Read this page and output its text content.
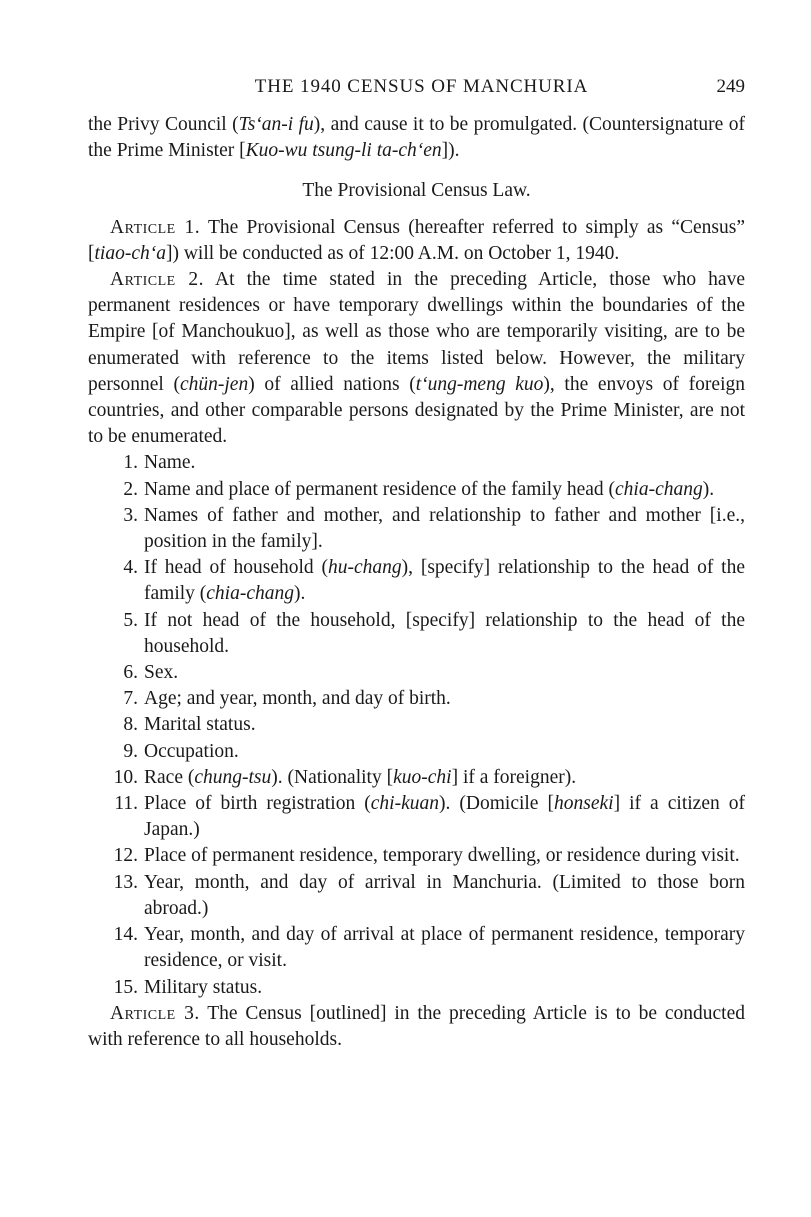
THE 1940 CENSUS OF MANCHURIA	249

the Privy Council (Ts‘an-i fu), and cause it to be promulgated. (Countersignature of the Prime Minister [Kuo-wu tsung-li ta-ch‘en]).

The Provisional Census Law.

Article 1. The Provisional Census (hereafter referred to simply as “Census” [tiao-ch‘a]) will be conducted as of 12:00 A.M. on October 1, 1940.

Article 2. At the time stated in the preceding Article, those who have permanent residences or have temporary dwellings within the boundaries of the Empire [of Manchoukuo], as well as those who are temporarily visiting, are to be enumerated with reference to the items listed below. However, the military personnel (chün-jen) of allied nations (t‘ung-meng kuo), the envoys of foreign countries, and other comparable persons designated by the Prime Minister, are not to be enumerated.

1. Name.
2. Name and place of permanent residence of the family head (chia-chang).
3. Names of father and mother, and relationship to father and mother [i.e., position in the family].
4. If head of household (hu-chang), [specify] relationship to the head of the family (chia-chang).
5. If not head of the household, [specify] relationship to the head of the household.
6. Sex.
7. Age; and year, month, and day of birth.
8. Marital status.
9. Occupation.
10. Race (chung-tsu). (Nationality [kuo-chi] if a foreigner).
11. Place of birth registration (chi-kuan). (Domicile [honseki] if a citizen of Japan.)
12. Place of permanent residence, temporary dwelling, or residence during visit.
13. Year, month, and day of arrival in Manchuria. (Limited to those born abroad.)
14. Year, month, and day of arrival at place of permanent residence, temporary residence, or visit.
15. Military status.

Article 3. The Census [outlined] in the preceding Article is to be conducted with reference to all households.
